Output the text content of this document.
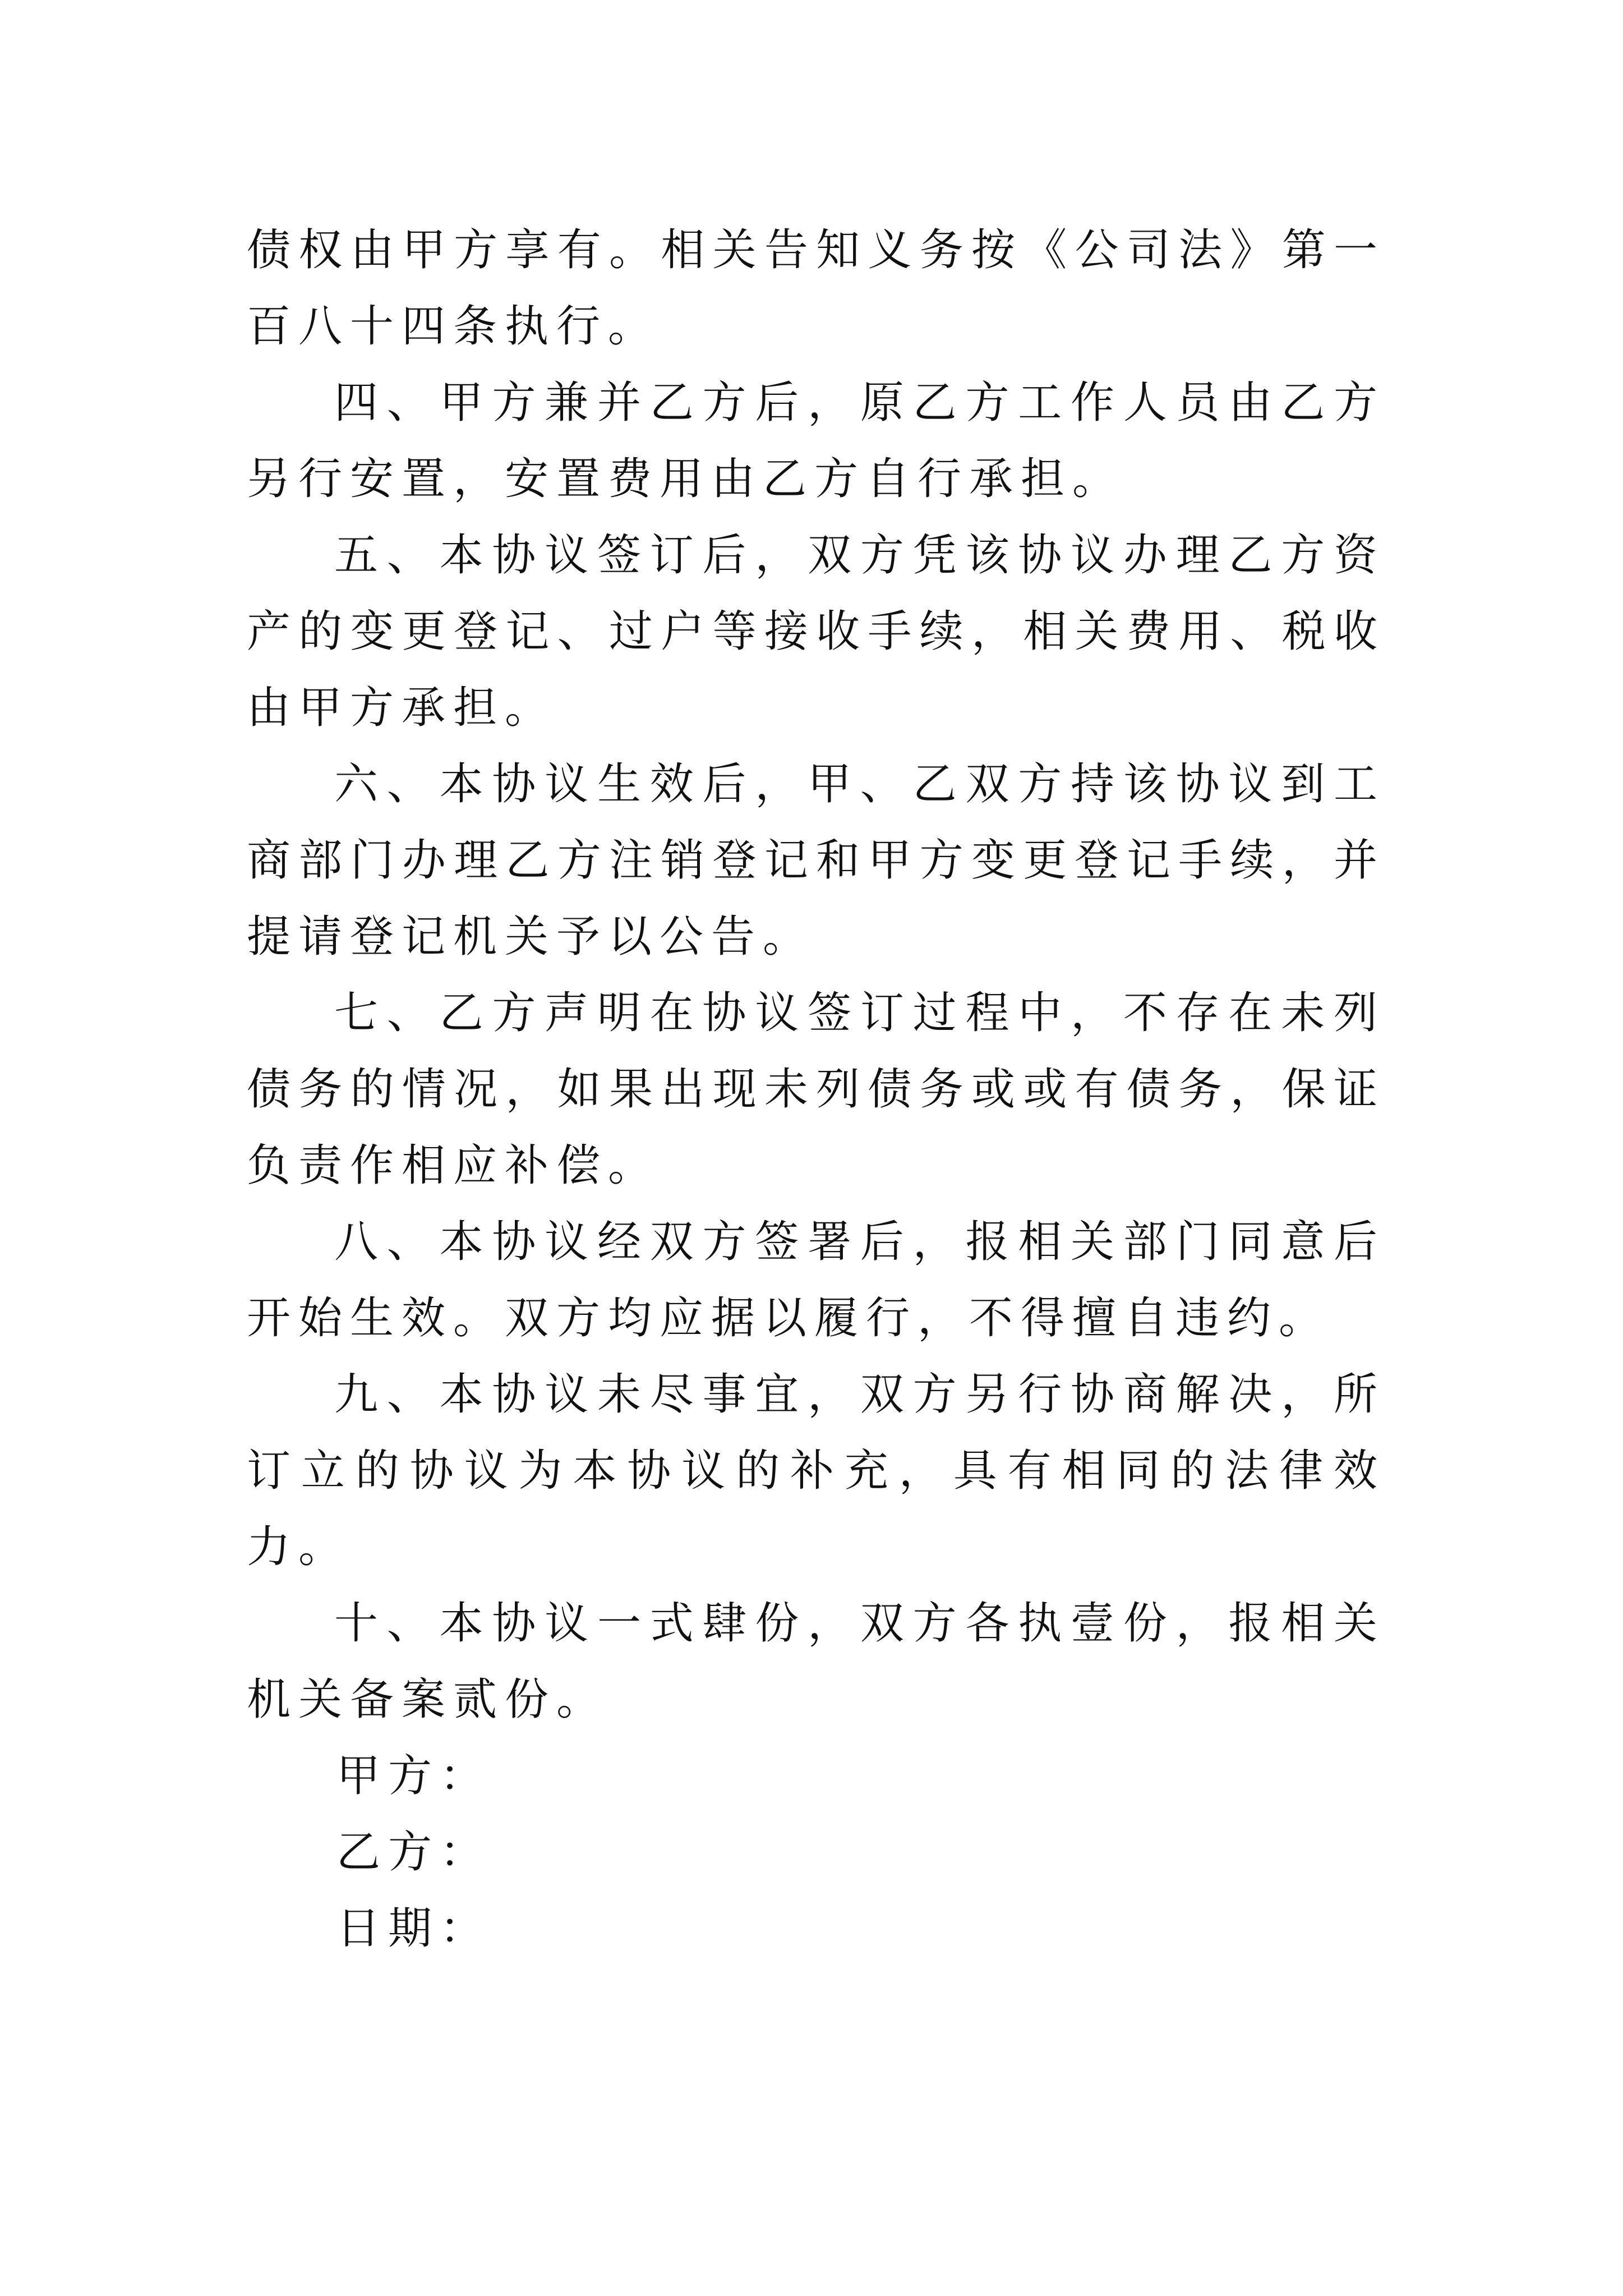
债权由甲方享有。相关告知义务按《公司法》第一百八十四条执行。

四、甲方兼并乙方后，原乙方工作人员由乙方另行安置，安置费用由乙方自行承担。

五、本协议签订后，双方凭该协议办理乙方资产的变更登记、过户等接收手续，相关费用、税收由甲方承担。

六、本协议生效后，甲、乙双方持该协议到工商部门办理乙方注销登记和甲方变更登记手续，并提请登记机关予以公告。

七、乙方声明在协议签订过程中，不存在未列债务的情况，如果出现未列债务或或有债务，保证负责作相应补偿。

八、本协议经双方签署后，报相关部门同意后开始生效。双方均应据以履行，不得擅自违约。

九、本协议未尽事宜，双方另行协商解决，所订立的协议为本协议的补充，具有相同的法律效力。

十、本协议一式肆份，双方各执壹份，报相关机关备案贰份。

甲方：

乙方：

日期：
